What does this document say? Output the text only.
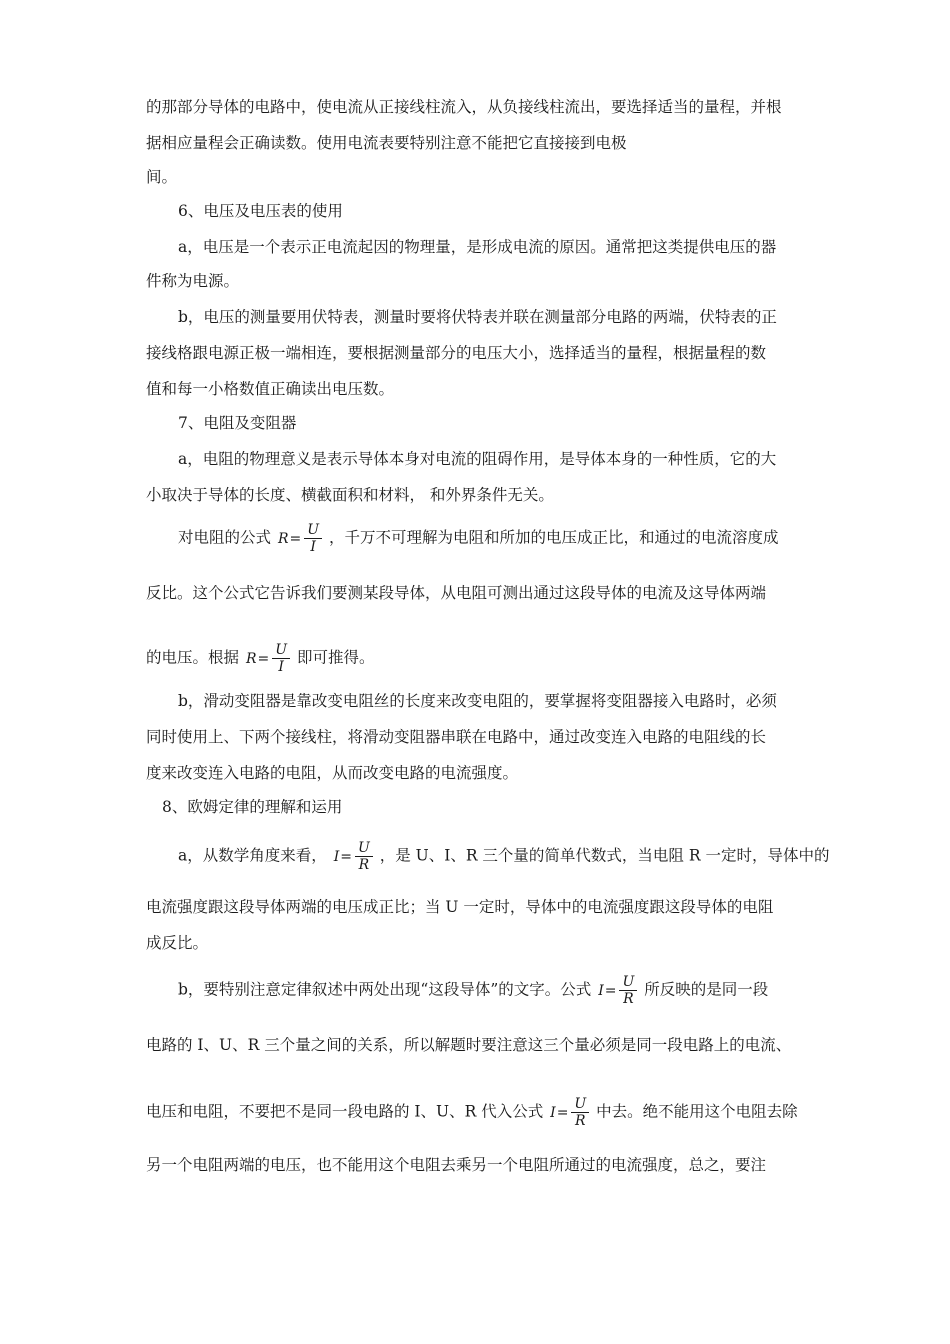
的那部分导体的电路中，使电流从正接线柱流入，从负接线柱流出，要选择适当的量程，并根
据相应量程会正确读数。使用电流表要特别注意不能把它直接接到电极
间。
6、电压及电压表的使用
a，电压是一个表示正电流起因的物理量，是形成电流的原因。通常把这类提供电压的器
件称为电源。
b，电压的测量要用伏特表，测量时要将伏特表并联在测量部分电路的两端，伏特表的正
接线格跟电源正极一端相连，要根据测量部分的电压大小，选择适当的量程，根据量程的数
值和每一小格数值正确读出电压数。
7、电阻及变阻器
a，电阻的物理意义是表示导体本身对电流的阻碍作用，是导体本身的一种性质，它的大
小取决于导体的长度、横截面积和材料， 和外界条件无关。
对电阻的公式 $R= \frac{U}{I}$ ，千万不可理解为电阻和所加的电压成正比，和通过的电流溶度成
反比。这个公式它告诉我们要测某段导体，从电阻可测出通过这段导体的电流及这导体两端
的电压。根据 $R= \frac{U}{I}$ 即可推得。
b，滑动变阻器是靠改变电阻丝的长度来改变电阻的，要掌握将变阻器接入电路时，必须
同时使用上、下两个接线柱，将滑动变阻器串联在电路中，通过改变连入电路的电阻线的长
度来改变连入电路的电阻，从而改变电路的电流强度。
8、欧姆定律的理解和运用
a，从数学角度来看， $I= \frac{U}{R}$ ，是 U、I、R 三个量的简单代数式，当电阻 R 一定时，导体中的
电流强度跟这段导体两端的电压成正比；当 U 一定时，导体中的电流强度跟这段导体的电阻
成反比。
b，要特别注意定律叙述中两处出现“这段导体”的文字。公式 $I= \frac{U}{R}$ 所反映的是同一段
电路的 I、U、R 三个量之间的关系，所以解题时要注意这三个量必须是同一段电路上的电流、
电压和电阻，不要把不是同一段电路的 I、U、R 代入公式 $I= \frac{U}{R}$ 中去。绝不能用这个电阻去除
另一个电阻两端的电压，也不能用这个电阻去乘另一个电阻所通过的电流强度，总之，要注
